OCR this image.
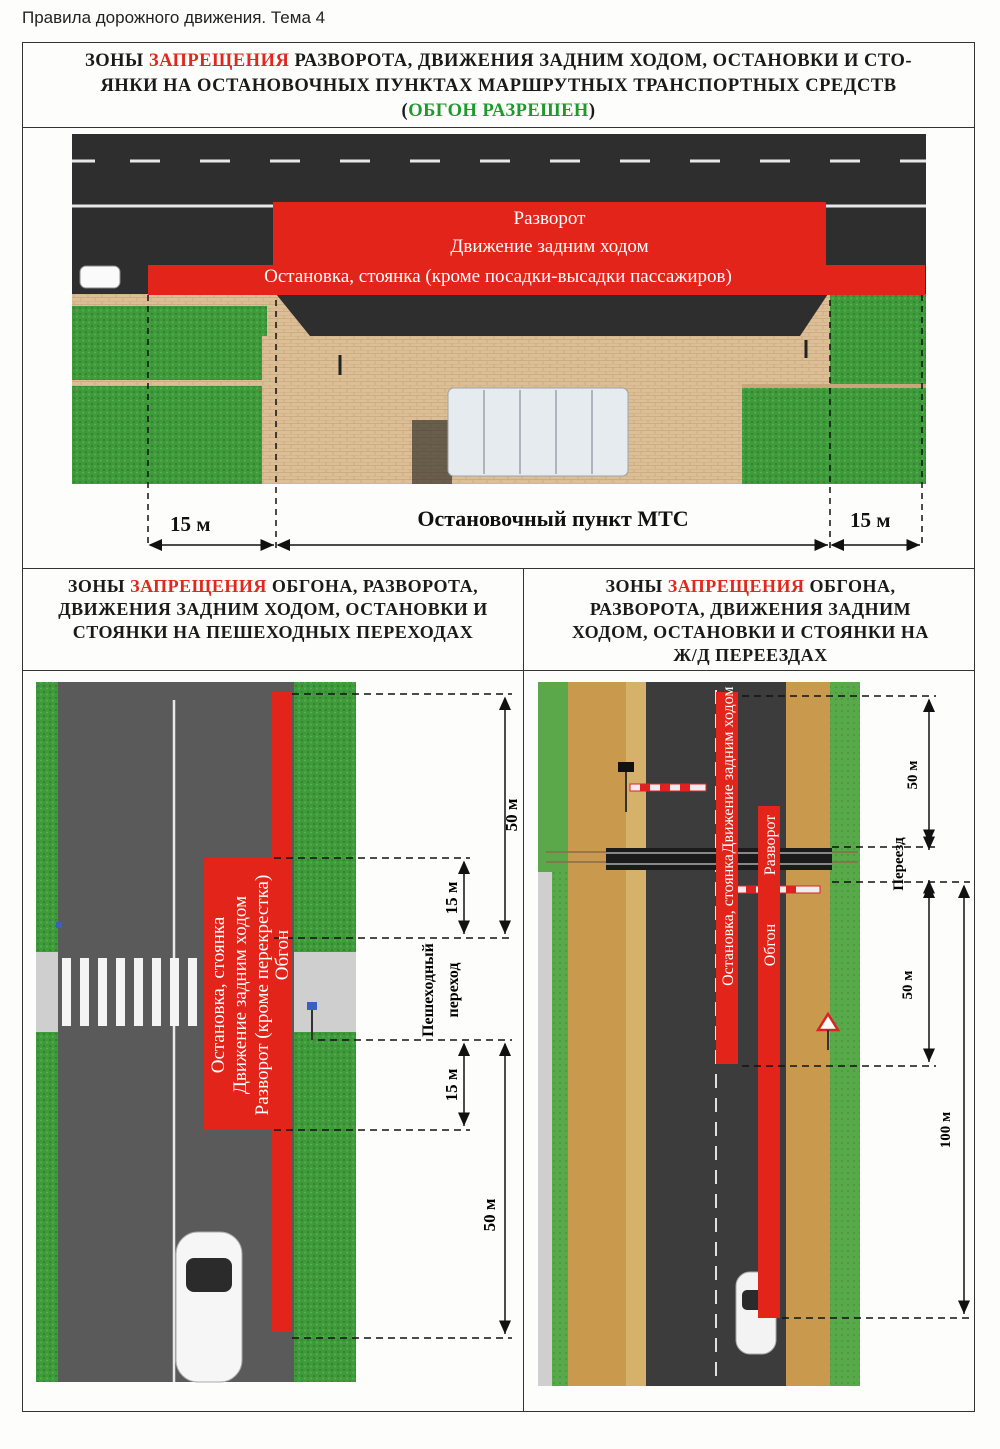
Правила дорожного движения. Тема 4
ЗОНЫ ЗАПРЕЩЕНИЯ РАЗВОРОТА, ДВИЖЕНИЯ ЗАДНИМ ХОДОМ, ОСТАНОВКИ И СТО-
ЯНКИ НА ОСТАНОВОЧНЫХ ПУНКТАХ МАРШРУТНЫХ ТРАНСПОРТНЫХ СРЕДСТВ
(ОБГОН РАЗРЕШЕН)
ЗОНЫ ЗАПРЕЩЕНИЯ ОБГОНА, РАЗВОРОТА,
ДВИЖЕНИЯ ЗАДНИМ ХОДОМ, ОСТАНОВКИ И
СТОЯНКИ НА ПЕШЕХОДНЫХ ПЕРЕХОДАХ
ЗОНЫ ЗАПРЕЩЕНИЯ ОБГОНА,
РАЗВОРОТА, ДВИЖЕНИЯ ЗАДНИМ
ХОДОМ, ОСТАНОВКИ И СТОЯНКИ НА
Ж/Д ПЕРЕЕЗДАХ
Разворот
Движение задним ходом
Остановка, стоянка (кроме посадки-высадки пассажиров)
15 м	Остановочный пункт МТС	15 м
50 м
15 м
Пешеходный переход
15 м
50 м
Остановка, стоянка Движение задним ходом Разворот (кроме перекрестка) Обгон
50 м
Переезд
50 м
100 м
Движение задним ходом
Остановка, стоянка
Разворот
Обгон
